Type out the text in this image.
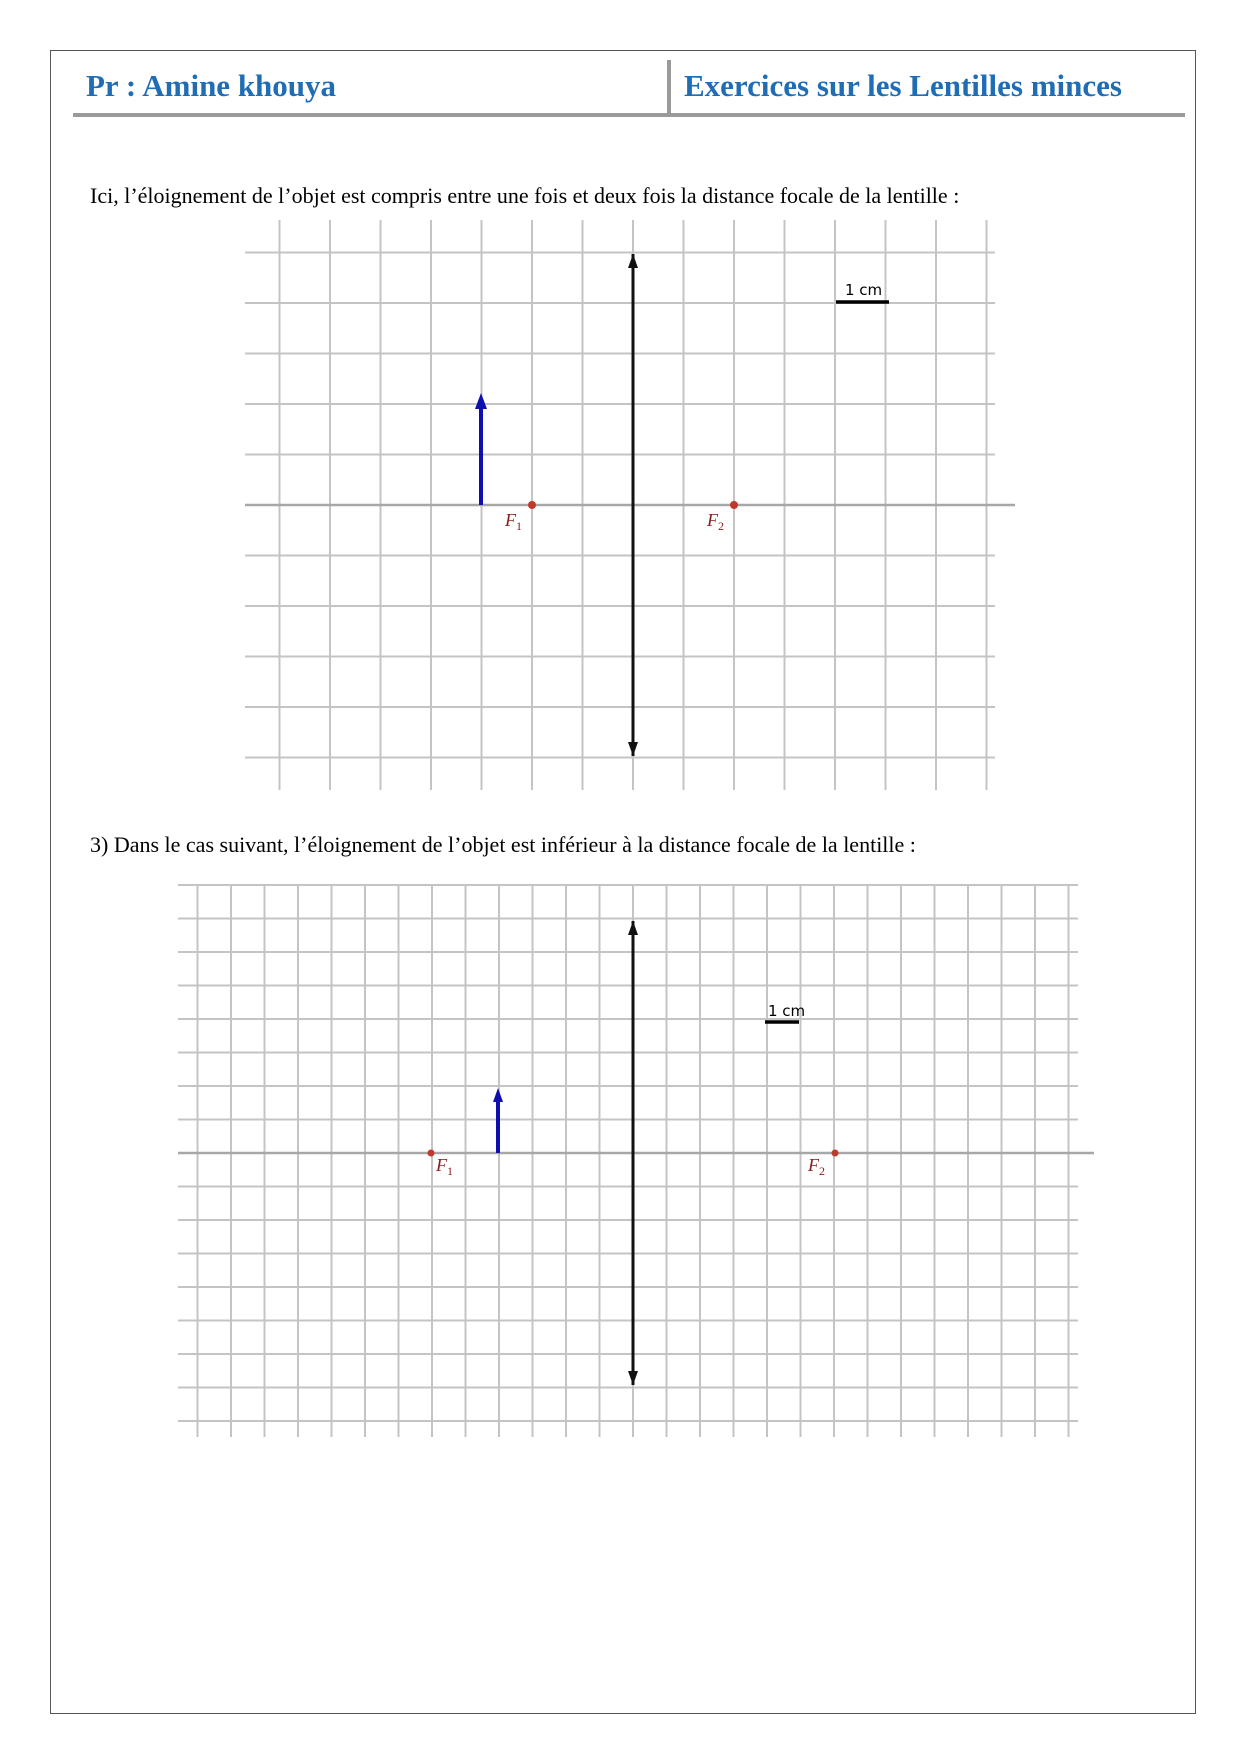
Pr : Amine khouya	Exercices sur les Lentilles minces
Ici, l’éloignement de l’objet est compris entre une fois et deux fois la distance focale de la lentille :
1 cm
$F_1$	$F_2$
3) Dans le cas suivant, l’éloignement de l’objet est inférieur à la distance focale de la lentille :
1 cm
$F_1$	$F_2$
